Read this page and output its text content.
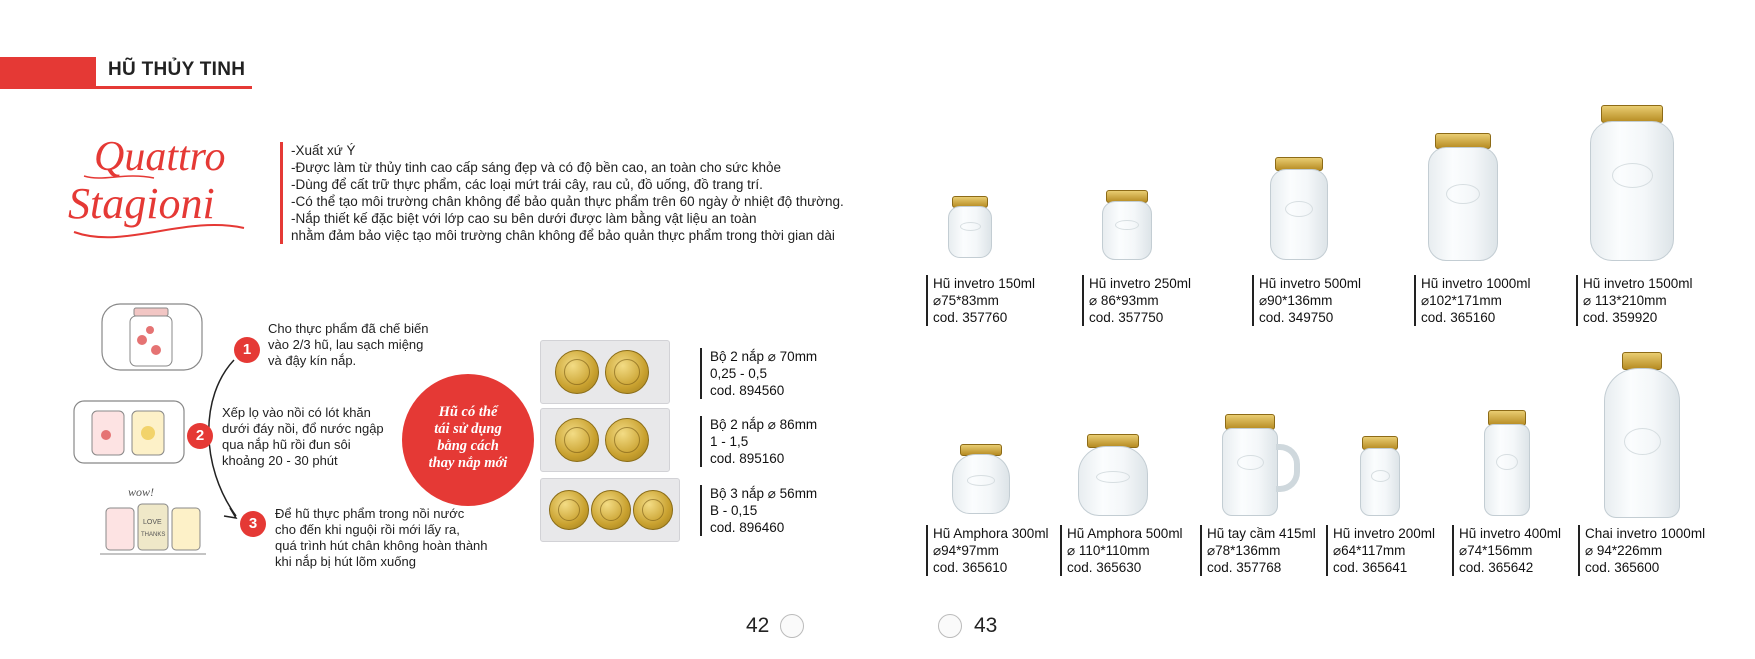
HŨ THỦY TINH
Quattro
Stagioni
-Xuất xứ Ý
-Được làm từ thủy tinh cao cấp sáng đẹp và có độ bền cao, an toàn cho sức khỏe
-Dùng để cất trữ thực phẩm, các loại mứt trái cây, rau củ, đồ uống, đồ trang trí.
-Có thể tạo môi trường chân không để bảo quản thực phẩm trên 60 ngày ở nhiệt độ thường.
-Nắp thiết kế đặc biệt với lớp cao su bên dưới được làm bằng vật liệu an toàn
nhằm đảm bảo việc tạo môi trường chân không để bảo quản thực phẩm trong thời gian dài
wow!
LOVE
THANKS
1
Cho thực phẩm đã chế biến
vào 2/3 hũ, lau sạch miệng
và đậy kín nắp.
2
Xếp lọ vào nồi có lót khăn
dưới đáy nồi, đổ nước ngập
qua nắp hũ rồi đun sôi
khoảng 20 - 30 phút
3
Để hũ thực phẩm trong nồi nước
cho đến khi nguội rồi mới lấy ra,
quá trình hút chân không hoàn thành
khi nắp bị hút lõm xuống
Hũ có thể
tái sử dụng
bằng cách
thay nắp mới
Bộ 2 nắp ⌀ 70mm
0,25 - 0,5
cod. 894560
Bộ 2 nắp ⌀ 86mm
1 - 1,5
cod. 895160
Bộ 3 nắp ⌀ 56mm
B - 0,15
cod. 896460
42	43
Hũ invetro 150ml
⌀75*83mm
cod. 357760
Hũ invetro 250ml
⌀ 86*93mm
cod. 357750
Hũ invetro 500ml
⌀90*136mm
cod. 349750
Hũ invetro 1000ml
⌀102*171mm
cod. 365160
Hũ invetro 1500ml
⌀ 113*210mm
cod. 359920
Hũ Amphora 300ml
⌀94*97mm
cod. 365610
Hũ Amphora 500ml
⌀ 110*110mm
cod. 365630
Hũ tay cầm 415ml
⌀78*136mm
cod. 357768
Hũ invetro 200ml
⌀64*117mm
cod. 365641
Hũ invetro 400ml
⌀74*156mm
cod. 365642
Chai invetro 1000ml
⌀ 94*226mm
cod. 365600
